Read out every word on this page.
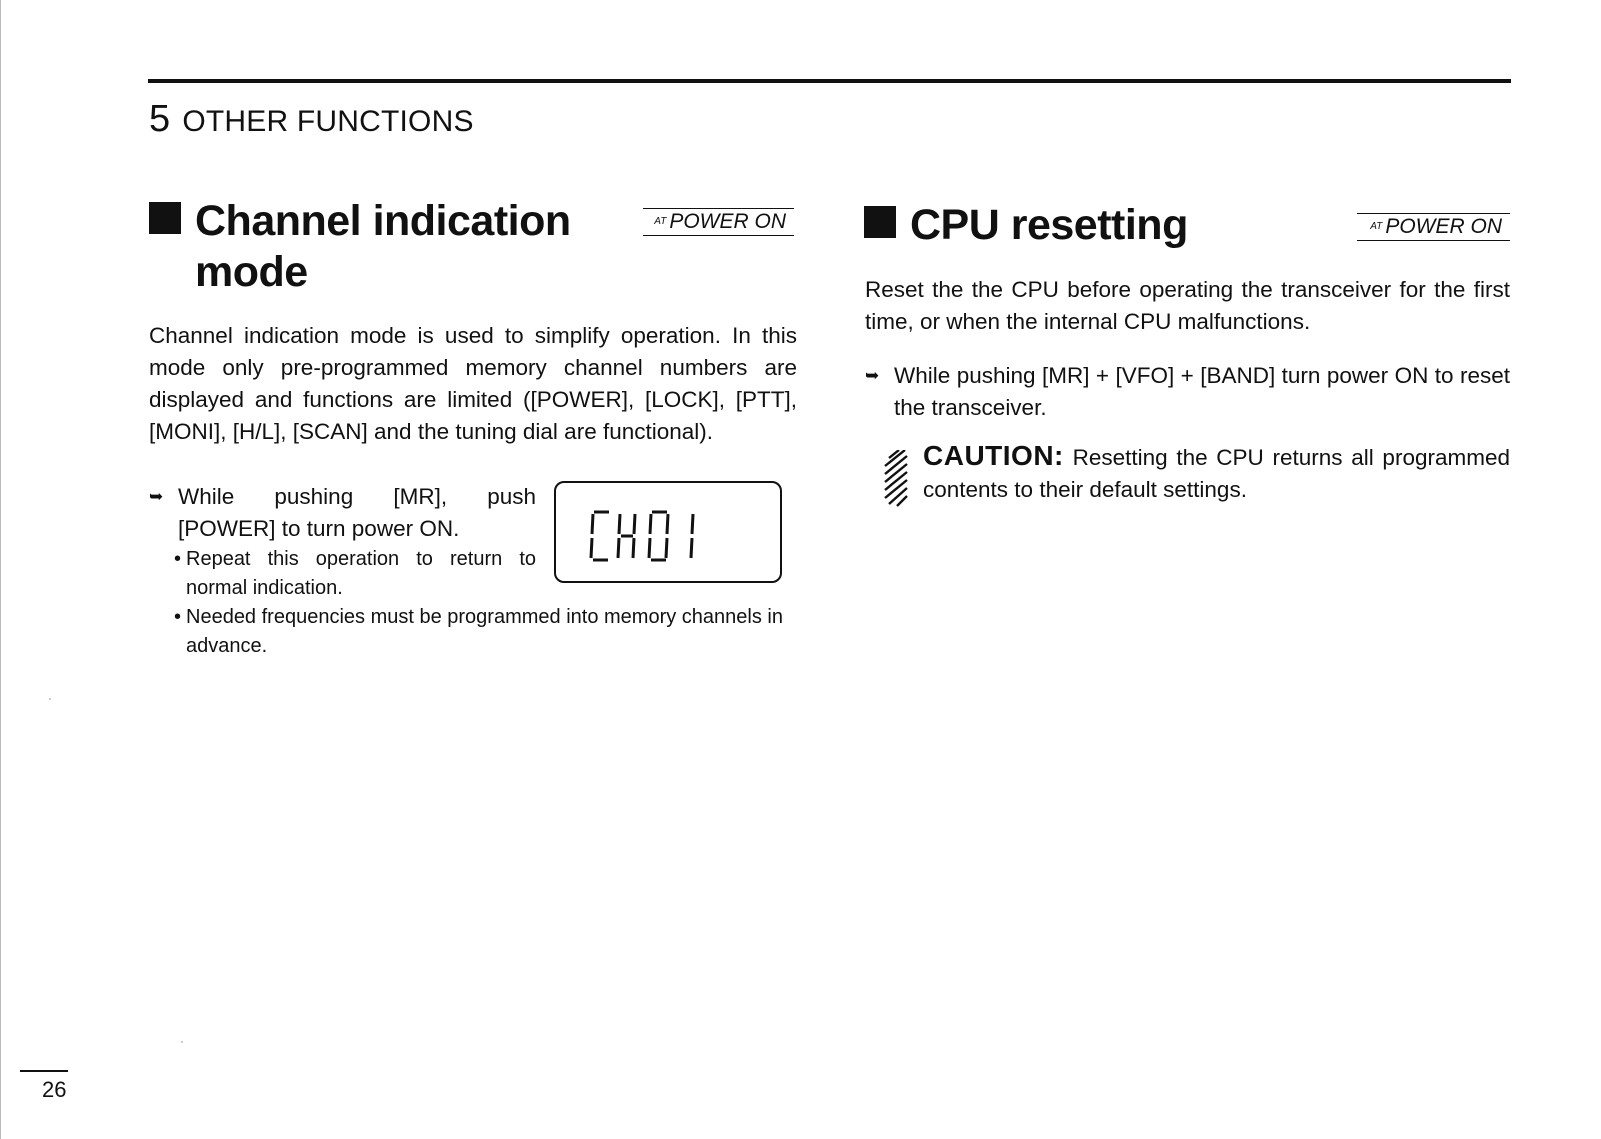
5 OTHER FUNCTIONS
Channel indication
mode
AT POWER ON
Channel indication mode is used to simplify operation. In this mode only pre-programmed memory channel numbers are displayed and functions are limited ([POWER], [LOCK], [PTT], [MONI], [H/L], [SCAN] and the tuning dial are functional).
➥ While pushing [MR], push
[POWER] to turn power ON.
• Repeat this operation to return to normal indication.
• Needed frequencies must be programmed into memory channels in advance.
CPU resetting	AT POWER ON
Reset the the CPU before operating the transceiver for the first time, or when the internal CPU malfunctions.
➥ While pushing [MR] + [VFO] + [BAND] turn power ON to reset the transceiver.
CAUTION: Resetting the CPU returns all programmed contents to their default settings.
26
